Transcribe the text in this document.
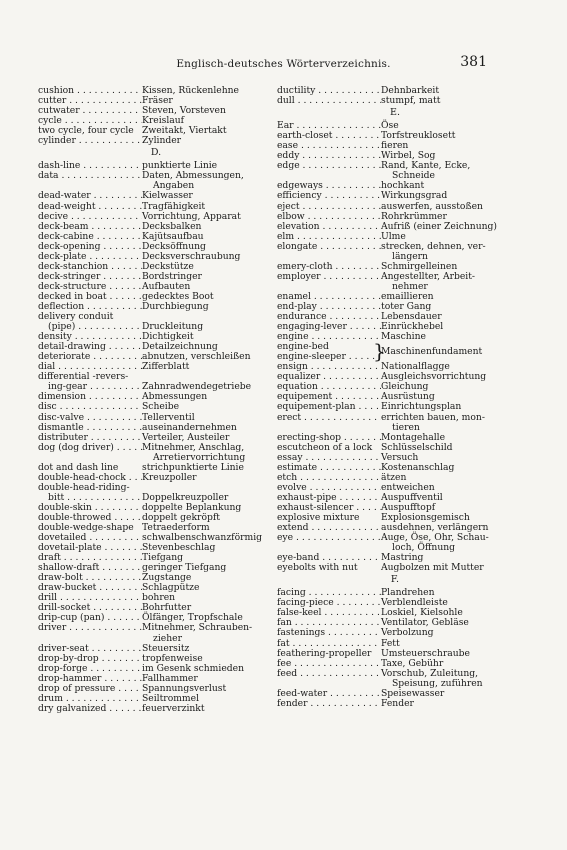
Englisch-deutsches Wörterverzeichnis.	381
cushion . . .	Kissen, Rückenlehne
cutter . . .	Fräser
cutwater . . .	Steven, Vorsteven
cycle . . .	Kreislauf
two cycle, four cycle Zweitakt, Viertakt
cylinder . . .	Zylinder
D.
dash-line . . .	punktierte Linie
data . . .	Daten, Abmessungen,
Angaben
dead-water . . .	Kielwasser
dead-weight . . .	Tragfähigkeit
decive . . .	Vorrichtung, Apparat
deck-beam . . .	Decksbalken
deck-cabine . . .	Kajütsaufbau
deck-opening . . .	Decksöffnung
deck-plate . . .	Decksverschraubung
deck-stanchion . . .	Deckstütze
deck-stringer . . .	Bordstringer
deck-structure . . .	Aufbauten
decked in boat . . .	gedecktes Boot
deflection . . .	Durchbiegung
delivery conduit
(pipe) . . .	Druckleitung
density . . .	Dichtigkeit
detail-drawing . . .	Detailzeichnung
deteriorate . . .	abnutzen, verschleißen
dial . . .	Zifferblatt
differential -revers-
ing-gear . . .	Zahnradwendegetriebe
dimension . . .	Abmessungen
disc . . .	Scheibe
disc-valve . . .	Tellerventil
dismantle . . .	auseinandernehmen
distributer . . .	Verteiler, Austeiler
dog (dog driver) . . .	Mitnehmer, Anschlag,
Arretiervorrichtung
dot and dash line	strichpunktierte Linie
double-head-chock . . .	Kreuzpoller
double-head-riding-
bitt . . .	Doppelkreuzpoller
double-skin . . .	doppelte Beplankung
double-throwed . . .	doppelt gekröpft
double-wedge-shape Tetraederform
dovetailed . . .	schwalbenschwanzförmig
dovetail-plate . . .	Stevenbeschlag
draft . . .	Tiefgang
shallow-draft . . .	geringer Tiefgang
draw-bolt . . .	Zugstange
draw-bucket . . .	Schlagpütze
drill . . .	bohren
drill-socket . . .	Bohrfutter
drip-cup (pan) . . .	Ölfänger, Tropfschale
driver . . .	Mitnehmer, Schrauben-
zieher
driver-seat . . .	Steuersitz
drop-by-drop . . .	tropfenweise
drop-forge . . .	im Gesenk schmieden
drop-hammer . . .	Fallhammer
drop of pressure . . .	Spannungsverlust
drum . . .	Seiltrommel
dry galvanized . . .	feuerverzinkt
ductility . . .	Dehnbarkeit
dull . . .	stumpf, matt
E.
Ear . . .	Öse
earth-closet . . .	Torfstreuklosett
ease . . .	fieren
eddy . . .	Wirbel, Sog
edge . . .	Rand, Kante, Ecke,
Schneide
edgeways . . .	hochkant
efficiency . . .	Wirkungsgrad
eject . . .	auswerfen, ausstoßen
elbow . . .	Rohrkrümmer
elevation . . .	Aufriß (einer Zeichnung)
elm . . .	Ulme
elongate . . .	strecken, dehnen, ver-
längern
emery-cloth . . .	Schmirgelleinen
employer . . .	Angestellter, Arbeit-
nehmer
enamel . . .	emaillieren
end-play . . .	toter Gang
endurance . . .	Lebensdauer
engaging-lever . . .	Einrückhebel
engine . . .	Maschine
engine-bed	}
engine-sleeper . . .	Maschinenfundament
ensign . . .	Nationalflagge
equalizer . . .	Ausgleichsvorrichtung
equation . . .	Gleichung
equipement . . .	Ausrüstung
equipement-plan . . .	Einrichtungsplan
erect . . .	errichten bauen, mon-
tieren
erecting-shop . . .	Montagehalle
escutcheon of a lock Schlüsselschild
essay . . .	Versuch
estimate . . .	Kostenanschlag
etch . . .	ätzen
evolve . . .	entweichen
exhaust-pipe . . .	Auspuffventil
exhaust-silencer . . .	Auspufftopf
explosive mixture	Explosionsgemisch
extend . . .	ausdehnen, verlängern
eye . . .	Auge, Öse, Ohr, Schau-
loch, Öffnung
eye-band . . .	Mastring
eyebolts with nut	Augbolzen mit Mutter
F.
facing . . .	Plandrehen
facing-piece . . .	Verblendleiste
false-keel . . .	Loskiel, Kielsohle
fan . . .	Ventilator, Gebläse
fastenings . . .	Verbolzung
fat . . .	Fett
feathering-propeller	Umsteuerschraube
fee . . .	Taxe, Gebühr
feed . . .	Vorschub, Zuleitung,
Speisung, zuführen
feed-water . . .	Speisewasser
fender . . .	Fender
